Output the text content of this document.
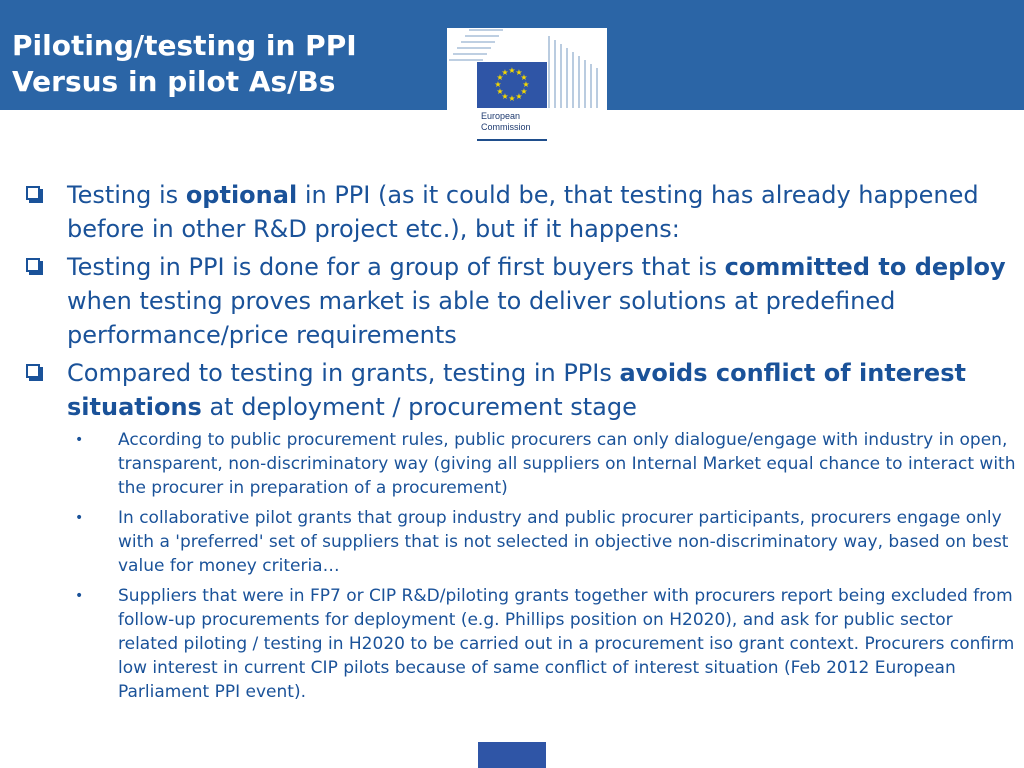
Piloting/testing in PPI
Versus in pilot As/Bs	★ ★
★
★
★
★
★
★
★
★
★
★
European
Commission
Testing is optional in PPI (as it could be, that testing has already happened before in other R&D project etc.), but if it happens:
Testing in PPI is done for a group of first buyers that is committed to deploy when testing proves market is able to deliver solutions at predefined performance/price requirements
Compared to testing in grants, testing in PPIs avoids conflict of interest situations at deployment / procurement stage
• According to public procurement rules, public procurers can only dialogue/engage with industry in open, transparent, non-discriminatory way (giving all suppliers on Internal Market equal chance to interact with the procurer in preparation of a procurement)
• In collaborative pilot grants that group industry and public procurer participants, procurers engage only with a 'preferred' set of suppliers that is not selected in objective non-discriminatory way, based on best value for money criteria…
• Suppliers that were in FP7 or CIP R&D/piloting grants together with procurers report being excluded from follow-up procurements for deployment (e.g. Phillips position on H2020), and ask for public sector related piloting / testing in H2020 to be carried out in a procurement iso grant context. Procurers confirm low interest in current CIP pilots because of same conflict of interest situation (Feb 2012 European Parliament PPI event).
